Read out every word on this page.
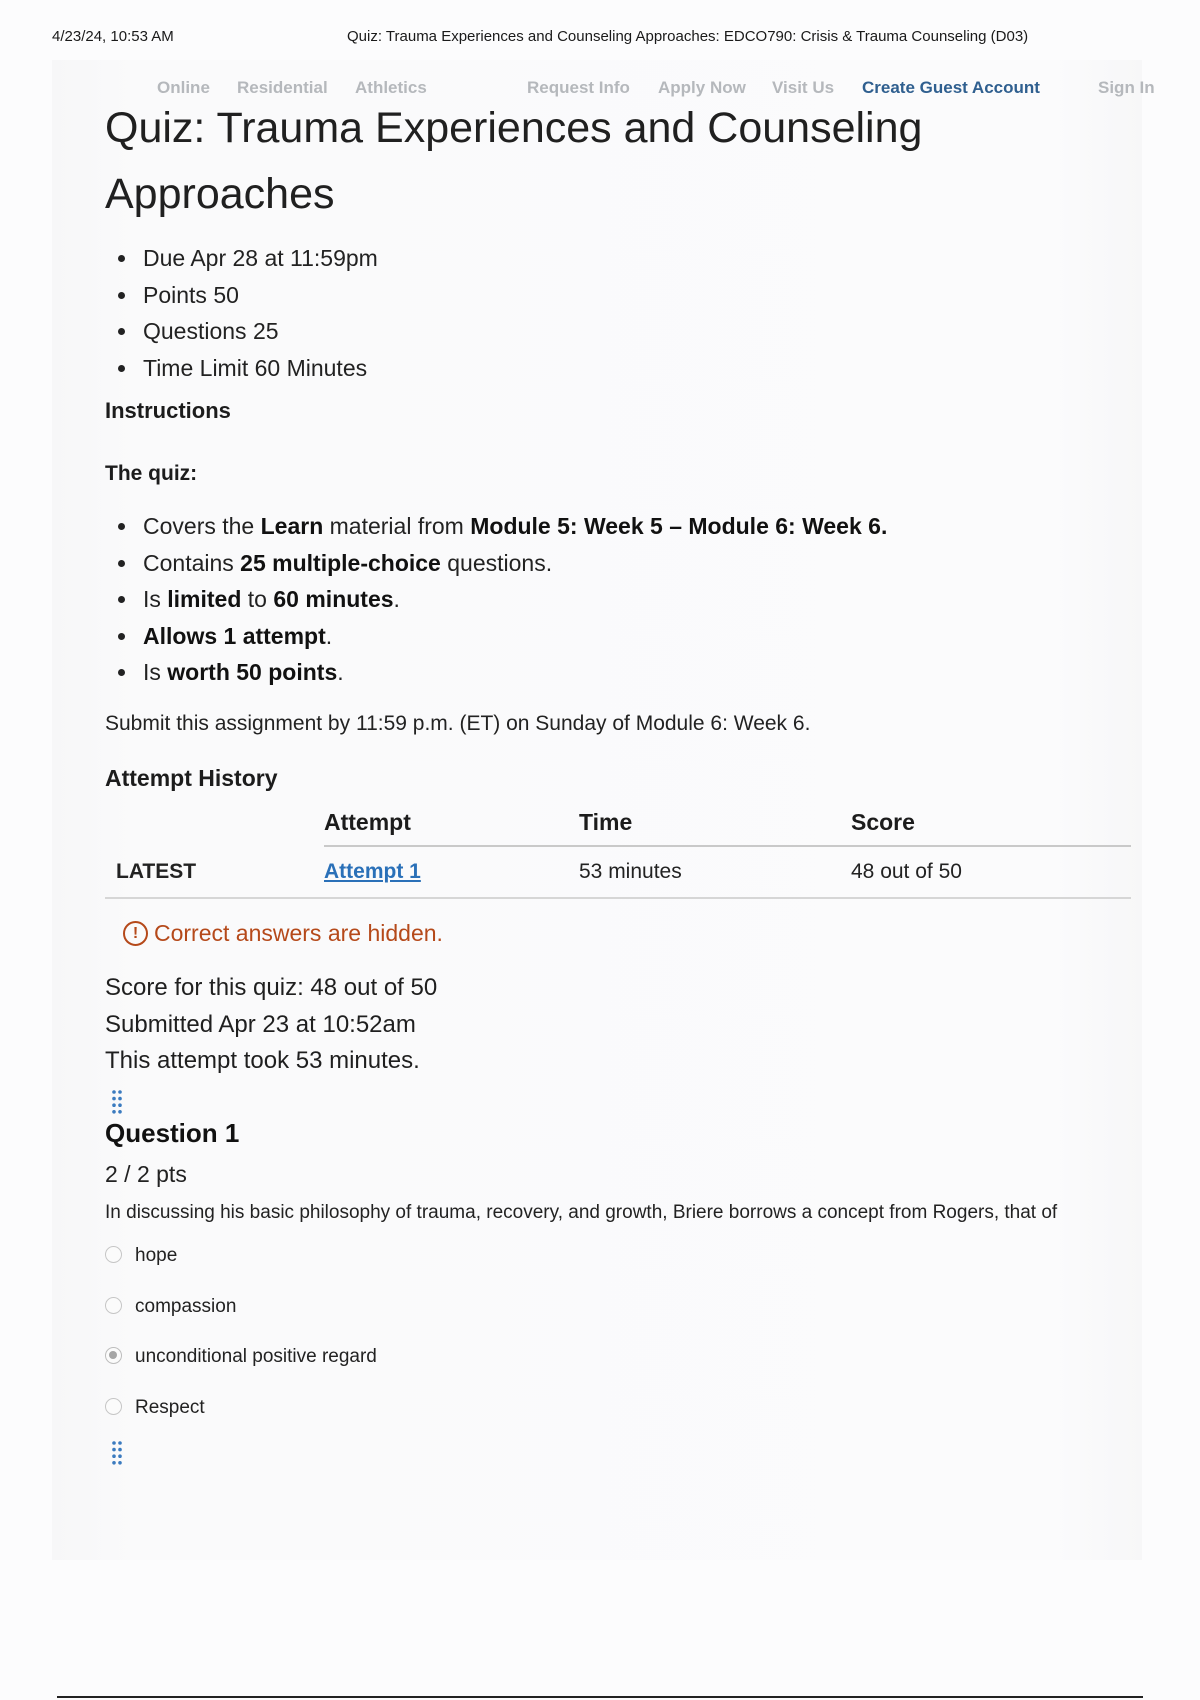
4/23/24, 10:53 AM	Quiz: Trauma Experiences and Counseling Approaches: EDCO790: Crisis & Trauma Counseling (D03)
Online Residential Athletics	Request Info Apply Now Visit Us Create Guest Account	Sign In
Quiz: Trauma Experiences and Counseling
Approaches
Due Apr 28 at 11:59pm
Points 50
Questions 25
Time Limit 60 Minutes
Instructions
The quiz:
Covers the Learn material from Module 5: Week 5 – Module 6: Week 6.
Contains 25 multiple-choice questions.
Is limited to 60 minutes.
Allows 1 attempt.
Is worth 50 points.

Submit this assignment by 11:59 p.m. (ET) on Sunday of Module 6: Week 6.

Attempt History
	Attempt	Time	Score
LATEST	Attempt 1	53 minutes	48 out of 50
! Correct answers are hidden.
Score for this quiz: 48 out of 50
Submitted Apr 23 at 10:52am
This attempt took 53 minutes.
Question 1
2 / 2 pts

In discussing his basic philosophy of trauma, recovery, and growth, Briere borrows a concept from Rogers, that of

hope
compassion
unconditional positive regard
Respect
